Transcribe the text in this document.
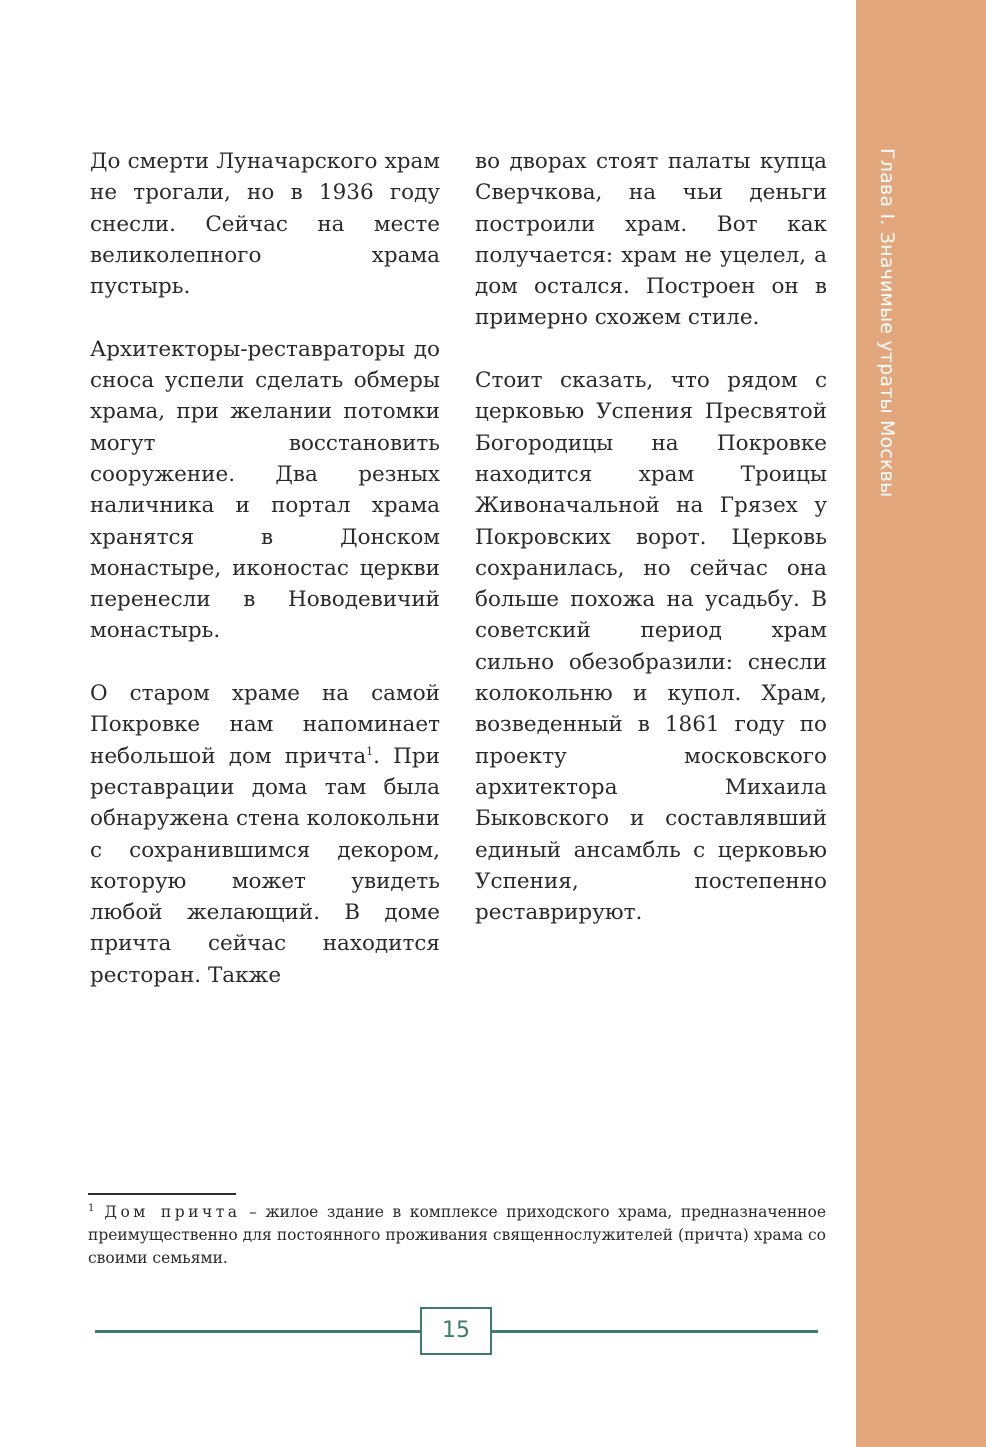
Глава I. Значимые утраты Москвы

До смерти Луначарского храм не трогали, но в 1936 году снесли. Сейчас на месте великолепного храма пустырь.

Архитекторы-реставраторы до сноса успели сделать обмеры храма, при желании потомки могут восстановить сооружение. Два резных наличника и портал храма хранятся в Донском монастыре, иконостас церкви перенесли в Новодевичий монастырь.

О старом храме на самой Покровке нам напоминает небольшой дом причта$^1$. При реставрации дома там была обнаружена стена колокольни с сохранившимся декором, которую может увидеть любой желающий. В доме причта сейчас находится ресторан. Также

во дворах стоят палаты купца Сверчкова, на чьи деньги построили храм. Вот как получается: храм не уцелел, а дом остался. Построен он в примерно схожем стиле.

Стоит сказать, что рядом с церковью Успения Пресвятой Богородицы на Покровке находится храм Троицы Живоначальной на Грязех у Покровских ворот. Церковь сохранилась, но сейчас она больше похожа на усадьбу. В советский период храм сильно обезобразили: снесли колокольню и купол. Храм, возведенный в 1861 году по проекту московского архитектора Михаила Быковского и составлявший единый ансамбль с церковью Успения, постепенно реставрируют.

$^1$ Дом причта – жилое здание в комплексе приходского храма, предназначенное преимущественно для постоянного проживания священнослужителей (причта) храма со своими семьями.
15
